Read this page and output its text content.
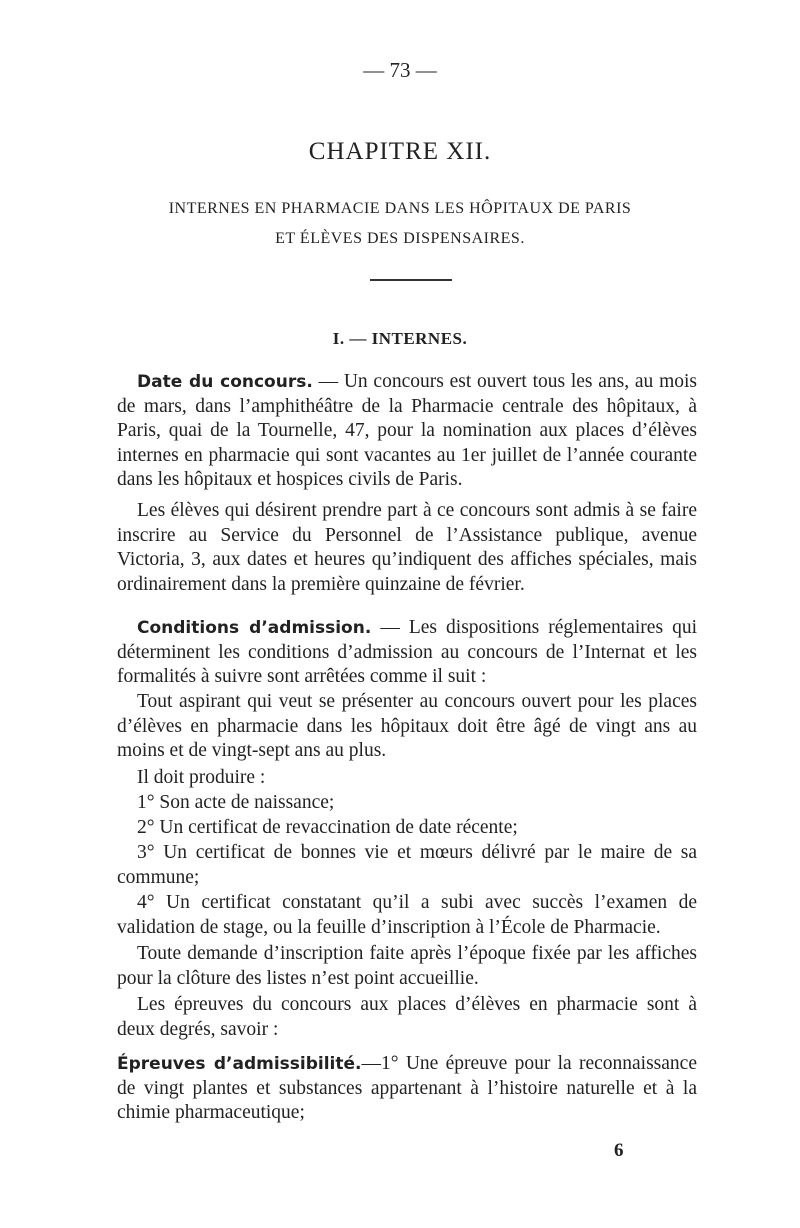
— 73 —
CHAPITRE XII.
INTERNES EN PHARMACIE DANS LES HÔPITAUX DE PARIS
ET ÉLÈVES DES DISPENSAIRES.
I. — INTERNES.

Date du concours. — Un concours est ouvert tous les ans, au mois de mars, dans l’amphithéâtre de la Pharmacie centrale des hôpitaux, à Paris, quai de la Tournelle, 47, pour la nomination aux places d’élèves internes en pharmacie qui sont vacantes au 1er juillet de l’année courante dans les hôpitaux et hospices civils de Paris.

Les élèves qui désirent prendre part à ce concours sont admis à se faire inscrire au Service du Personnel de l’Assistance publique, avenue Victoria, 3, aux dates et heures qu’indiquent des affiches spéciales, mais ordinairement dans la première quinzaine de février.

Conditions d’admission. — Les dispositions réglementaires qui déterminent les conditions d’admission au concours de l’Internat et les formalités à suivre sont arrêtées comme il suit :

Tout aspirant qui veut se présenter au concours ouvert pour les places d’élèves en pharmacie dans les hôpitaux doit être âgé de vingt ans au moins et de vingt-sept ans au plus.

Il doit produire :

1° Son acte de naissance;

2° Un certificat de revaccination de date récente;

3° Un certificat de bonnes vie et mœurs délivré par le maire de sa commune;

4° Un certificat constatant qu’il a subi avec succès l’examen de validation de stage, ou la feuille d’inscription à l’École de Pharmacie.

Toute demande d’inscription faite après l’époque fixée par les affiches pour la clôture des listes n’est point accueillie.

Les épreuves du concours aux places d’élèves en pharmacie sont à deux degrés, savoir :

Épreuves d’admissibilité.—1° Une épreuve pour la reconnaissance de vingt plantes et substances appartenant à l’histoire naturelle et à la chimie pharmaceutique;

6
